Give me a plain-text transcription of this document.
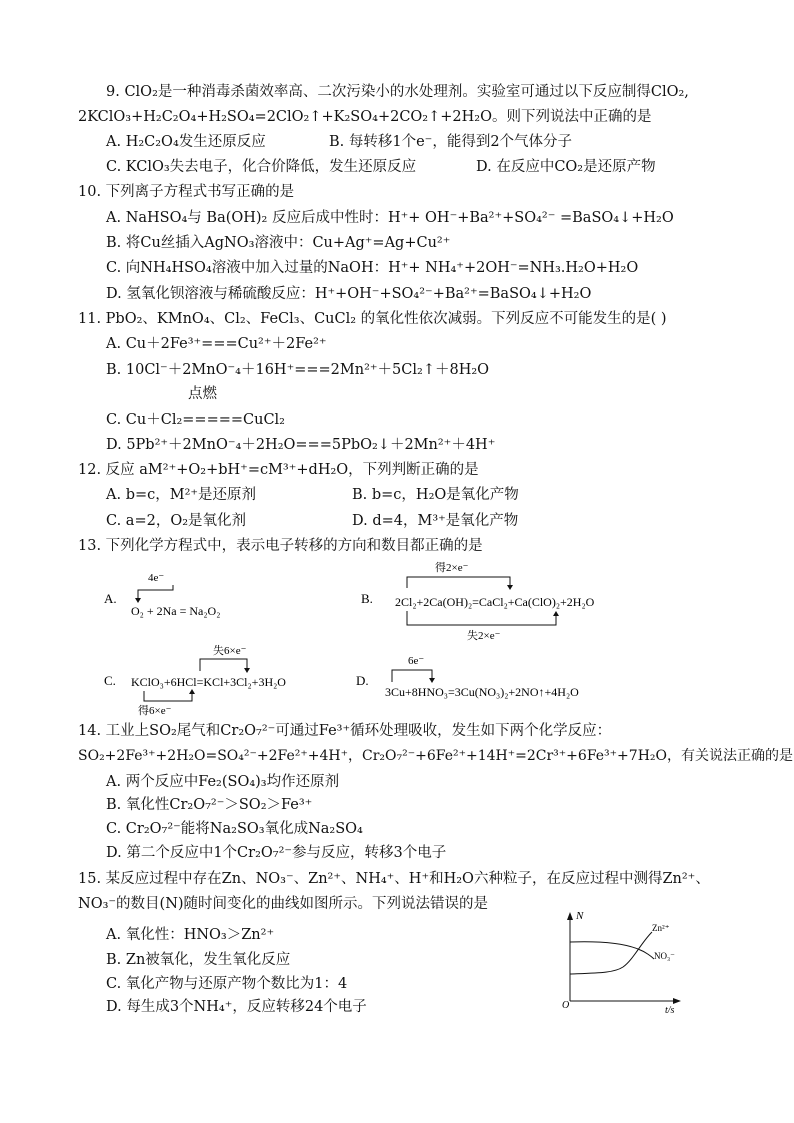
9. ClO₂是一种消毒杀菌效率高、二次污染小的水处理剂。实验室可通过以下反应制得ClO₂,
2KClO₃+H₂C₂O₄+H₂SO₄=2ClO₂↑+K₂SO₄+2CO₂↑+2H₂O。则下列说法中正确的是
A. H₂C₂O₄发生还原反应	B. 每转移1个e⁻，能得到2个气体分子
C. KClO₃失去电子，化合价降低，发生还原反应	D. 在反应中CO₂是还原产物
10. 下列离子方程式书写正确的是
A. NaHSO₄与 Ba(OH)₂ 反应后成中性时：H⁺+ OH⁻+Ba²⁺+SO₄²⁻ =BaSO₄↓+H₂O
B. 将Cu丝插入AgNO₃溶液中：Cu+Ag⁺=Ag+Cu²⁺
C. 向NH₄HSO₄溶液中加入过量的NaOH：H⁺+ NH₄⁺+2OH⁻=NH₃.H₂O+H₂O
D. 氢氧化钡溶液与稀硫酸反应：H⁺+OH⁻+SO₄²⁻+Ba²⁺=BaSO₄↓+H₂O
11. PbO₂、KMnO₄、Cl₂、FeCl₃、CuCl₂ 的氧化性依次减弱。下列反应不可能发生的是( )
A. Cu＋2Fe³⁺===Cu²⁺＋2Fe²⁺
B. 10Cl⁻＋2MnO⁻₄＋16H⁺===2Mn²⁺＋5Cl₂↑＋8H₂O
点燃
C. Cu＋Cl₂=====CuCl₂
D. 5Pb²⁺＋2MnO⁻₄＋2H₂O===5PbO₂↓＋2Mn²⁺＋4H⁺
12. 反应 aM²⁺+O₂+bH⁺=cM³⁺+dH₂O，下列判断正确的是
A. b=c，M²⁺是还原剂	B. b=c，H₂O是氧化产物
C. a=2，O₂是氧化剂	D. d=4，M³⁺是氧化产物
13. 下列化学方程式中，表示电子转移的方向和数目都正确的是
A.
4e⁻
O₂ + 2Na = Na₂O₂
B.
得2×e⁻
2Cl₂+2Ca(OH)₂=CaCl₂+Ca(ClO)₂+2H₂O
失2×e⁻
C.
失6×e⁻
KClO₃+6HCl=KCl+3Cl₂+3H₂O
得6×e⁻
D.
6e⁻
3Cu+8HNO₃=3Cu(NO₃)₂+2NO↑+4H₂O
14. 工业上SO₂尾气和Cr₂O₇²⁻可通过Fe³⁺循环处理吸收，发生如下两个化学反应：
SO₂+2Fe³⁺+2H₂O=SO₄²⁻+2Fe²⁺+4H⁺，Cr₂O₇²⁻+6Fe²⁺+14H⁺=2Cr³⁺+6Fe³⁺+7H₂O，有关说法正确的是
A. 两个反应中Fe₂(SO₄)₃均作还原剂
B. 氧化性Cr₂O₇²⁻＞SO₂＞Fe³⁺
C. Cr₂O₇²⁻能将Na₂SO₃氧化成Na₂SO₄
D. 第二个反应中1个Cr₂O₇²⁻参与反应，转移3个电子
15. 某反应过程中存在Zn、NO₃⁻、Zn²⁺、NH₄⁺、H⁺和H₂O六种粒子，在反应过程中测得Zn²⁺、
NO₃⁻的数目(N)随时间变化的曲线如图所示。下列说法错误的是
A. 氧化性：HNO₃＞Zn²⁺
B. Zn被氧化，发生氧化反应
C. 氧化产物与还原产物个数比为1：4
D. 每生成3个NH₄⁺，反应转移24个电子
N
t/s
O
Zn²⁺
NO₃⁻
